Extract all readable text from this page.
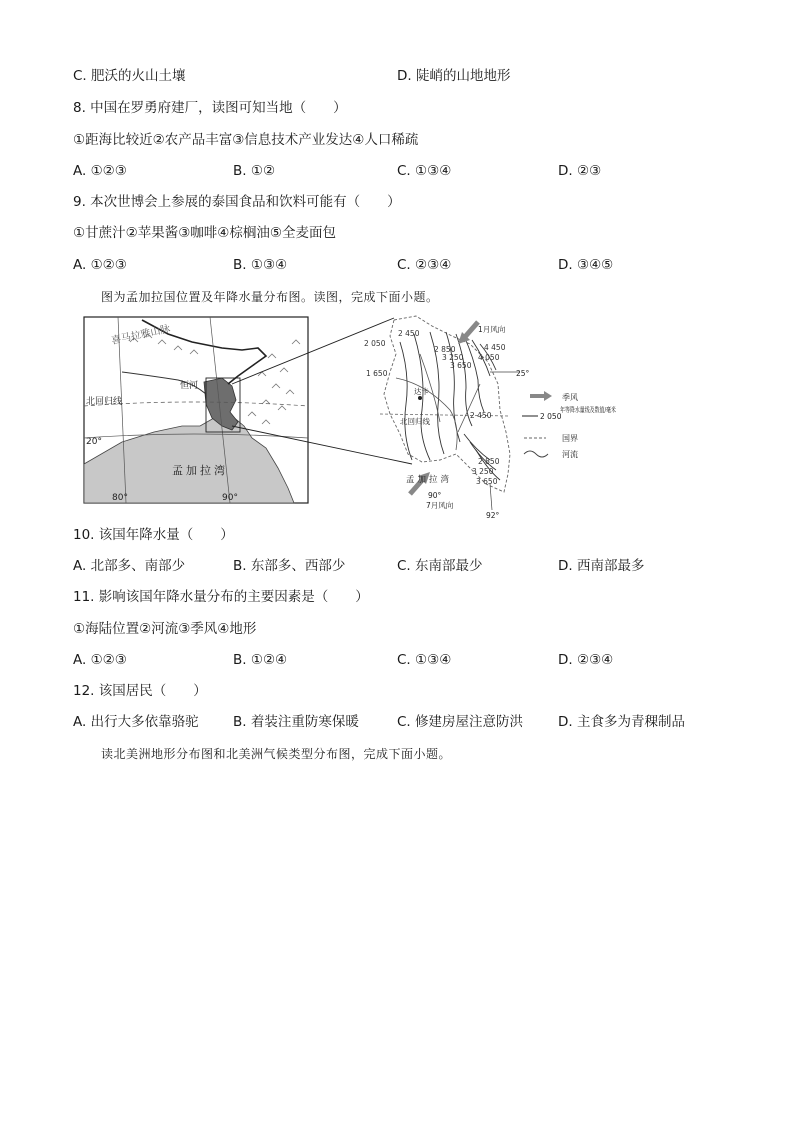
C. 肥沃的火山土壤	D. 陡峭的山地地形
8. 中国在罗勇府建厂，读图可知当地（　　）
①距海比较近②农产品丰富③信息技术产业发达④人口稀疏
A. ①②③	B. ①②	C. ①③④	D. ②③
9. 本次世博会上参展的泰国食品和饮料可能有（　　）
①甘蔗汁②苹果酱③咖啡④棕榈油⑤全麦面包
A. ①②③	B. ①③④	C. ②③④	D. ③④⑤
图为孟加拉国位置及年降水量分布图。读图，完成下面小题。
喜马拉雅山脉
恒河
北回归线
20°
孟加拉湾
80°	90°
2 450
2 050
1 650
2 850
3 250
3 650
4 050
4 450
2 450
2 850
3 250
3 650
1月风向
25°
北回归线
达卡
孟加拉湾
90°
7月风向
92°
季风
2 050
年等降水量线及数值/毫米
国界
河流
10. 该国年降水量（　　）
A. 北部多、南部少	B. 东部多、西部少	C. 东南部最少	D. 西南部最多
11. 影响该国年降水量分布的主要因素是（　　）
①海陆位置②河流③季风④地形
A. ①②③	B. ①②④	C. ①③④	D. ②③④
12. 该国居民（　　）
A. 出行大多依靠骆驼	B. 着装注重防寒保暖	C. 修建房屋注意防洪	D. 主食多为青稞制品
读北美洲地形分布图和北美洲气候类型分布图，完成下面小题。
